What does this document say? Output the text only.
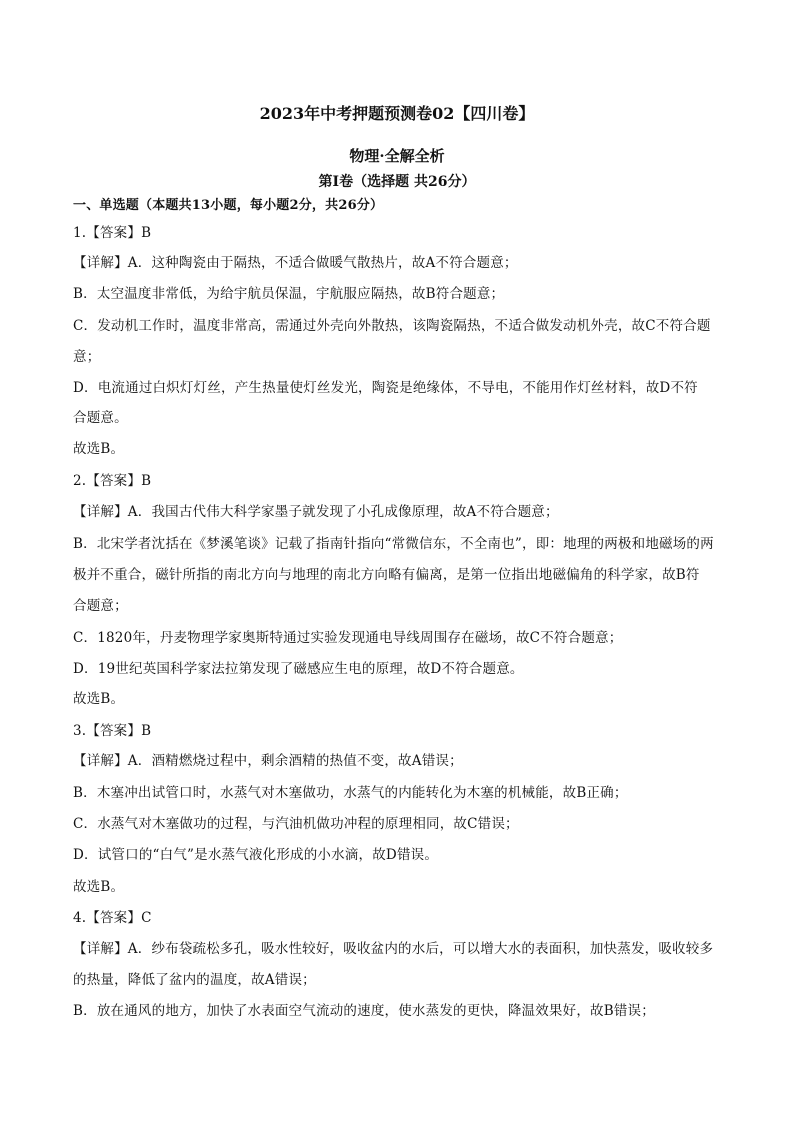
2023年中考押题预测卷02【四川卷】
物理·全解全析
第Ⅰ卷（选择题 共26分）
一、单选题（本题共13小题，每小题2分，共26分）
1.【答案】B
【详解】A．这种陶瓷由于隔热，不适合做暖气散热片，故A不符合题意；
B．太空温度非常低，为给宇航员保温，宇航服应隔热，故B符合题意；
C．发动机工作时，温度非常高，需通过外壳向外散热，该陶瓷隔热，不适合做发动机外壳，故C不符合题
意；
D．电流通过白炽灯灯丝，产生热量使灯丝发光，陶瓷是绝缘体，不导电，不能用作灯丝材料，故D不符
合题意。
故选B。
2.【答案】B
【详解】A．我国古代伟大科学家墨子就发现了小孔成像原理，故A不符合题意；
B．北宋学者沈括在《梦溪笔谈》记载了指南针指向“常微信东，不全南也”，即：地理的两极和地磁场的两
极并不重合，磁针所指的南北方向与地理的南北方向略有偏离，是第一位指出地磁偏角的科学家，故B符
合题意；
C．1820年，丹麦物理学家奥斯特通过实验发现通电导线周围存在磁场，故C不符合题意；
D．19世纪英国科学家法拉第发现了磁感应生电的原理，故D不符合题意。
故选B。
3.【答案】B
【详解】A．酒精燃烧过程中，剩余酒精的热值不变，故A错误；
B．木塞冲出试管口时，水蒸气对木塞做功，水蒸气的内能转化为木塞的机械能，故B正确；
C．水蒸气对木塞做功的过程，与汽油机做功冲程的原理相同，故C错误；
D．试管口的“白气”是水蒸气液化形成的小水滴，故D错误。
故选B。
4.【答案】C
【详解】A．纱布袋疏松多孔，吸水性较好，吸收盆内的水后，可以增大水的表面积，加快蒸发，吸收较多
的热量，降低了盆内的温度，故A错误；
B．放在通风的地方，加快了水表面空气流动的速度，使水蒸发的更快，降温效果好，故B错误；
